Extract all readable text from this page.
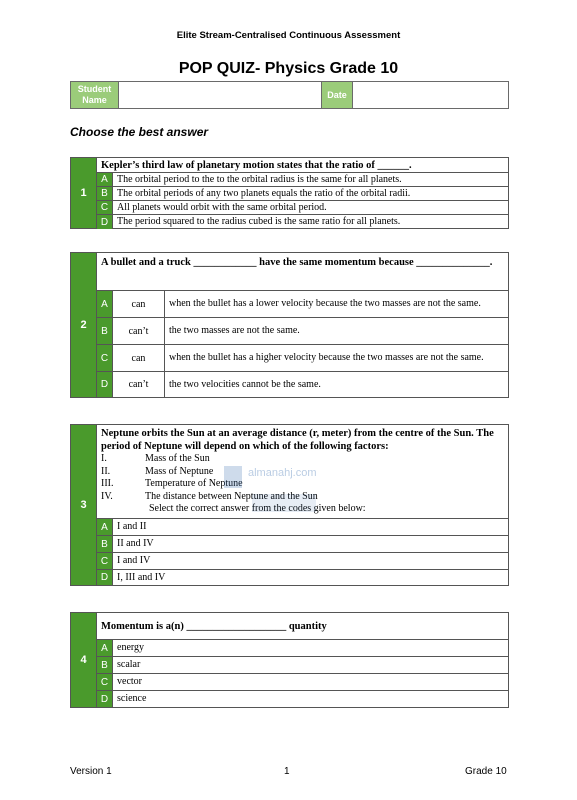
Elite Stream-Centralised Continuous Assessment
POP QUIZ- Physics Grade 10
Student Name
Date
Choose the best answer
1
Kepler’s third law of planetary motion states that the ratio of ______.
A The orbital period to the to the orbital radius is the same for all planets.
B The orbital periods of any two planets equals the ratio of the orbital radii.
C All planets would orbit with the same orbital period.
D The period squared to the radius cubed is the same ratio for all planets.
2
A bullet and a truck ____________ have the same momentum because ______________.
A	can	when the bullet has a lower velocity because the two masses are not the same.
B	can’t	the two masses are not the same.
C	can	when the bullet has a higher velocity because the two masses are not the same.
D	can’t	the two velocities cannot be the same.
3
Neptune orbits the Sun at an average distance (r, meter) from the centre of the Sun. The period of Neptune will depend on which of the following factors:
I.	Mass of the Sun
II.	Mass of Neptune
III.	Temperature of Neptune
IV.	The distance between Neptune and the Sun
Select the correct answer from the codes given below:
A I and II
B II and IV
C I and IV
D I, III and IV
4
Momentum is a(n) ___________________ quantity
A energy
B scalar
C vector
D science
almanahj.com
Version 1	1	Grade 10
